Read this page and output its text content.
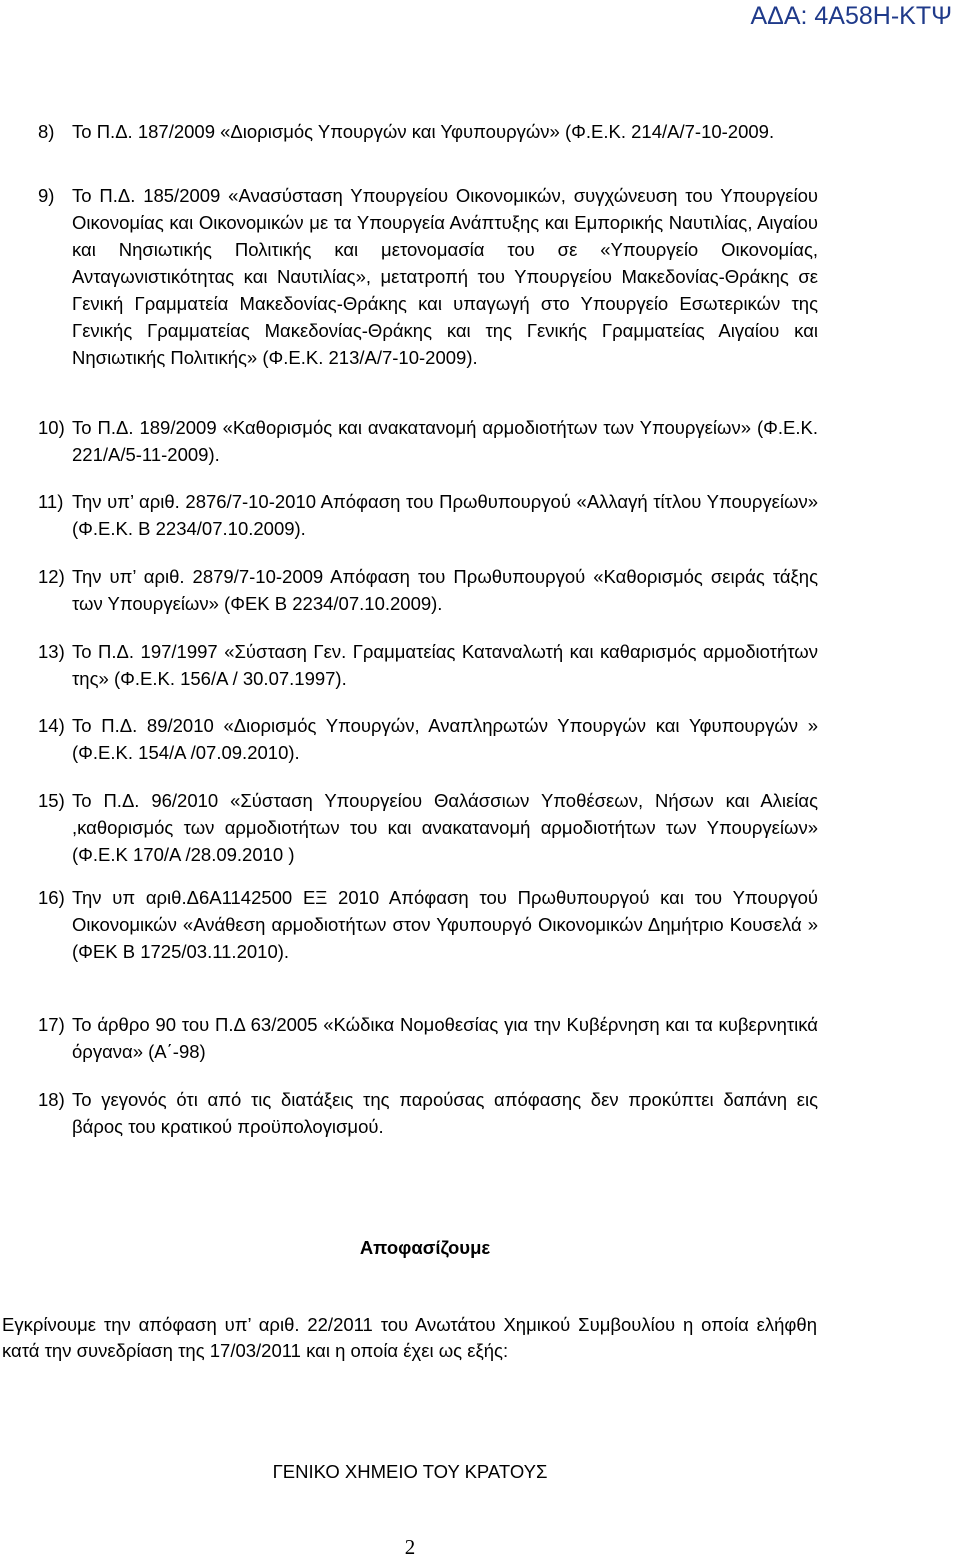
ΑΔΑ: 4Α58Η-ΚΤΨ
8) Το Π.Δ. 187/2009 «Διορισμός Υπουργών και Υφυπουργών» (Φ.Ε.Κ. 214/Α/7-10-2009.
9) Το Π.Δ. 185/2009 «Ανασύσταση Υπουργείου Οικονομικών, συγχώνευση του Υπουργείου Οικονομίας και Οικονομικών με τα Υπουργεία Ανάπτυξης και Εμπορικής Ναυτιλίας, Αιγαίου και Νησιωτικής Πολιτικής και μετονομασία του σε «Υπουργείο Οικονομίας, Ανταγωνιστικότητας και Ναυτιλίας», μετατροπή του Υπουργείου Μακεδονίας-Θράκης σε Γενική Γραμματεία Μακεδονίας-Θράκης και υπαγωγή στο Υπουργείο Εσωτερικών της Γενικής Γραμματείας Μακεδονίας-Θράκης και της Γενικής Γραμματείας Αιγαίου και Νησιωτικής Πολιτικής» (Φ.Ε.Κ. 213/Α/7-10-2009).
10) Το Π.Δ. 189/2009 «Καθορισμός και ανακατανομή αρμοδιοτήτων των Υπουργείων» (Φ.Ε.Κ. 221/Α/5-11-2009).
11) Την υπ’ αριθ. 2876/7-10-2010 Απόφαση του Πρωθυπουργού «Αλλαγή τίτλου Υπουργείων» (Φ.Ε.Κ. Β 2234/07.10.2009).
12) Την υπ’ αριθ. 2879/7-10-2009 Απόφαση του Πρωθυπουργού «Καθορισμός σειράς τάξης των Υπουργείων» (ΦΕΚ Β 2234/07.10.2009).
13) Το Π.Δ. 197/1997 «Σύσταση Γεν. Γραμματείας Καταναλωτή και καθαρισμός αρμοδιοτήτων της» (Φ.Ε.Κ. 156/Α / 30.07.1997).
14) Το Π.Δ. 89/2010 «Διορισμός Υπουργών, Αναπληρωτών Υπουργών και Υφυπουργών » (Φ.Ε.Κ. 154/Α /07.09.2010).
15) Το Π.Δ. 96/2010 «Σύσταση Υπουργείου Θαλάσσιων Υποθέσεων, Νήσων και Αλιείας ,καθορισμός των αρμοδιοτήτων του και ανακατανομή αρμοδιοτήτων των Υπουργείων» (Φ.Ε.Κ 170/Α /28.09.2010 )
16) Την υπ αριθ.Δ6Α1142500 ΕΞ 2010 Απόφαση του Πρωθυπουργού και του Υπουργού Οικονομικών «Ανάθεση αρμοδιοτήτων στον Υφυπουργό Οικονομικών Δημήτριο Κουσελά » (ΦΕΚ Β 1725/03.11.2010).
17) Το άρθρο 90 του Π.Δ 63/2005 «Κώδικα Νομοθεσίας για την Κυβέρνηση και τα κυβερνητικά όργανα» (Α΄-98)
18) Το γεγονός ότι από τις διατάξεις της παρούσας απόφασης δεν προκύπτει δαπάνη εις βάρος του κρατικού προϋπολογισμού.
Αποφασίζουμε
Εγκρίνουμε την απόφαση υπ’ αριθ. 22/2011 του Ανωτάτου Χημικού Συμβουλίου η οποία ελήφθη κατά την συνεδρίαση της 17/03/2011 και η οποία έχει ως εξής:
ΓΕΝΙΚΟ ΧΗΜΕΙΟ ΤΟΥ ΚΡΑΤΟΥΣ
2
